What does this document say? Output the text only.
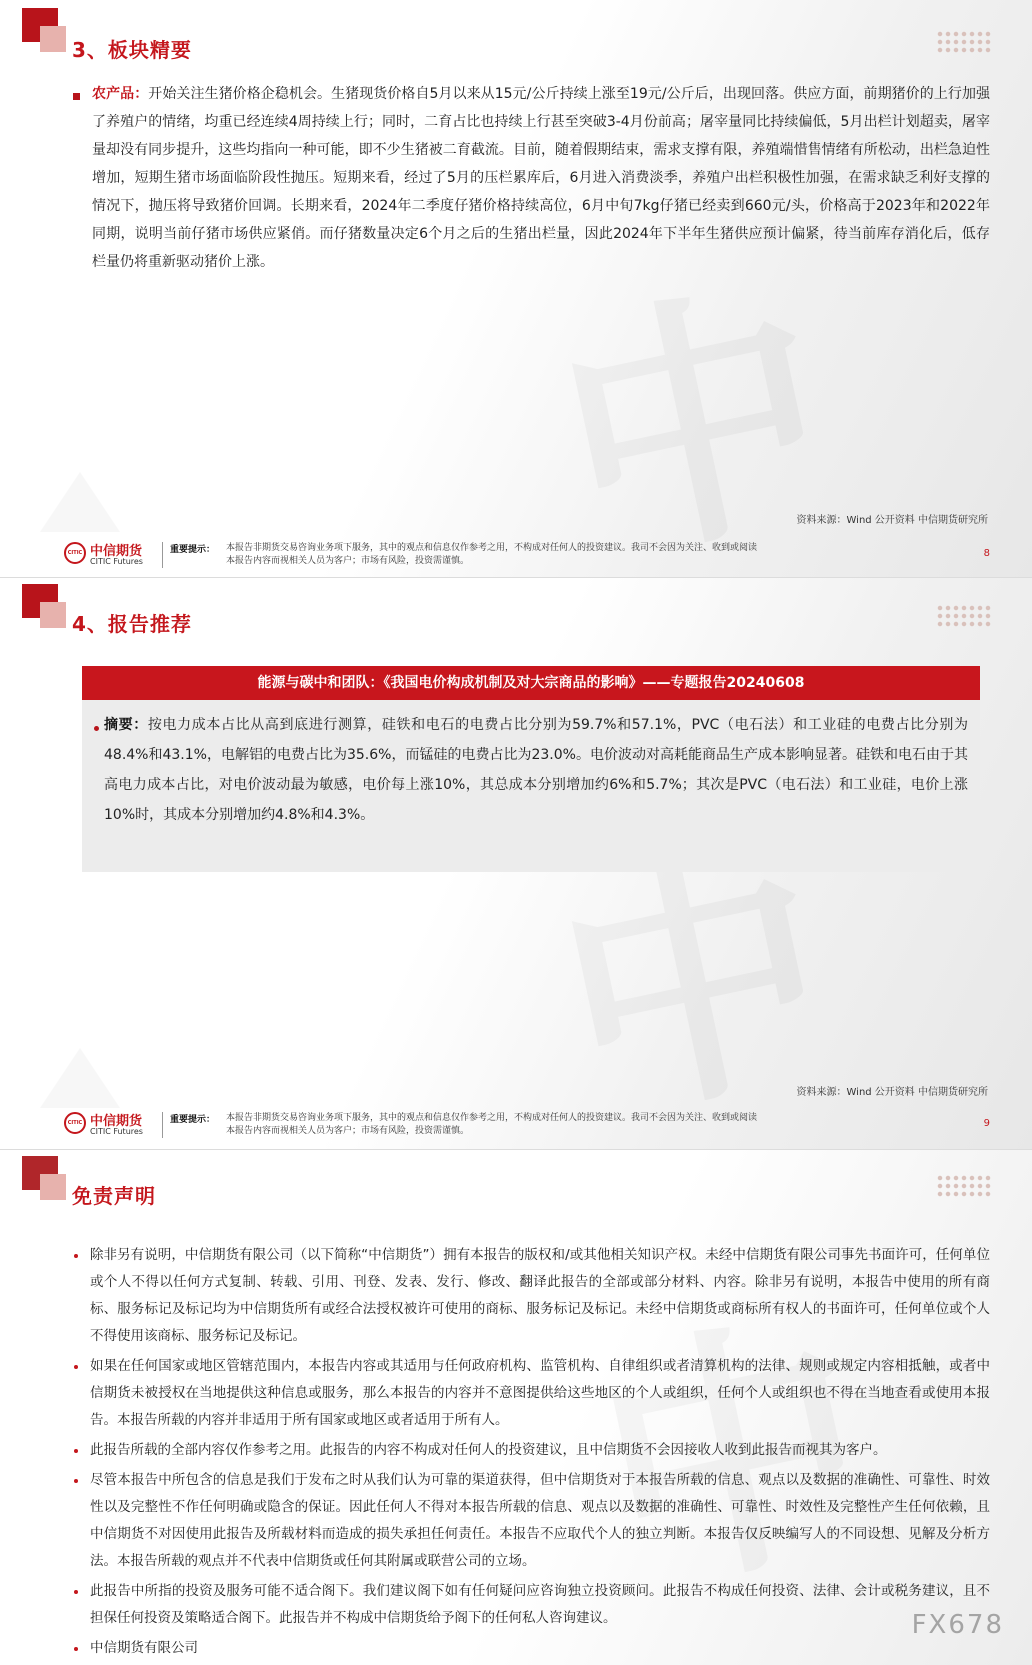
3、板块精要
农产品：开始关注生猪价格企稳机会。生猪现货价格自5月以来从15元/公斤持续上涨至19元/公斤后，出现回落。供应方面，前期猪价的上行加强了养殖户的情绪，均重已经连续4周持续上行；同时，二育占比也持续上行甚至突破3-4月份前高；屠宰量同比持续偏低，5月出栏计划超卖，屠宰量却没有同步提升，这些均指向一种可能，即不少生猪被二育截流。目前，随着假期结束，需求支撑有限，养殖端惜售情绪有所松动，出栏急迫性增加，短期生猪市场面临阶段性抛压。短期来看，经过了5月的压栏累库后，6月进入消费淡季，养殖户出栏积极性加强，在需求缺乏利好支撑的情况下，抛压将导致猪价回调。长期来看，2024年二季度仔猪价格持续高位，6月中旬7kg仔猪已经卖到660元/头，价格高于2023年和2022年同期，说明当前仔猪市场供应紧俏。而仔猪数量决定6个月之后的生猪出栏量，因此2024年下半年生猪供应预计偏紧，待当前库存消化后，低存栏量仍将重新驱动猪价上涨。
资料来源：Wind 公开资料 中信期货研究所
CITIC 中信期货
CITIC Futures
重要提示： 本报告非期货交易咨询业务项下服务，其中的观点和信息仅作参考之用，不构成对任何人的投资建议。我司不会因为关注、收到或阅读
本报告内容而视相关人员为客户；市场有风险，投资需谨慎。
8
4、报告推荐
资料来源：Wind 公开资料 中信期货研究所
CITIC 中信期货
CITIC Futures
重要提示： 本报告非期货交易咨询业务项下服务，其中的观点和信息仅作参考之用，不构成对任何人的投资建议。我司不会因为关注、收到或阅读
本报告内容而视相关人员为客户；市场有风险，投资需谨慎。
9
能源与碳中和团队：《我国电价构成机制及对大宗商品的影响》——专题报告20240608
摘要：按电力成本占比从高到底进行测算，硅铁和电石的电费占比分别为59.7%和57.1%，PVC（电石法）和工业硅的电费占比分别为48.4%和43.1%，电解铝的电费占比为35.6%，而锰硅的电费占比为23.0%。电价波动对高耗能商品生产成本影响显著。硅铁和电石由于其高电力成本占比，对电价波动最为敏感，电价每上涨10%，其总成本分别增加约6%和5.7%；其次是PVC（电石法）和工业硅，电价上涨10%时，其成本分别增加约4.8%和4.3%。
免责声明
除非另有说明，中信期货有限公司（以下简称“中信期货”）拥有本报告的版权和/或其他相关知识产权。未经中信期货有限公司事先书面许可，任何单位或个人不得以任何方式复制、转载、引用、刊登、发表、发行、修改、翻译此报告的全部或部分材料、内容。除非另有说明，本报告中使用的所有商标、服务标记及标记均为中信期货所有或经合法授权被许可使用的商标、服务标记及标记。未经中信期货或商标所有权人的书面许可，任何单位或个人不得使用该商标、服务标记及标记。
如果在任何国家或地区管辖范围内，本报告内容或其适用与任何政府机构、监管机构、自律组织或者清算机构的法律、规则或规定内容相抵触，或者中信期货未被授权在当地提供这种信息或服务，那么本报告的内容并不意图提供给这些地区的个人或组织，任何个人或组织也不得在当地查看或使用本报告。本报告所载的内容并非适用于所有国家或地区或者适用于所有人。
此报告所载的全部内容仅作参考之用。此报告的内容不构成对任何人的投资建议，且中信期货不会因接收人收到此报告而视其为客户。
尽管本报告中所包含的信息是我们于发布之时从我们认为可靠的渠道获得，但中信期货对于本报告所载的信息、观点以及数据的准确性、可靠性、时效性以及完整性不作任何明确或隐含的保证。因此任何人不得对本报告所载的信息、观点以及数据的准确性、可靠性、时效性及完整性产生任何依赖，且中信期货不对因使用此报告及所载材料而造成的损失承担任何责任。本报告不应取代个人的独立判断。本报告仅反映编写人的不同设想、见解及分析方法。本报告所载的观点并不代表中信期货或任何其附属或联营公司的立场。
此报告中所指的投资及服务可能不适合阁下。我们建议阁下如有任何疑问应咨询独立投资顾问。此报告不构成任何投资、法律、会计或税务建议，且不担保任何投资及策略适合阁下。此报告并不构成中信期货给予阁下的任何私人咨询建议。
中信期货有限公司
FX678
